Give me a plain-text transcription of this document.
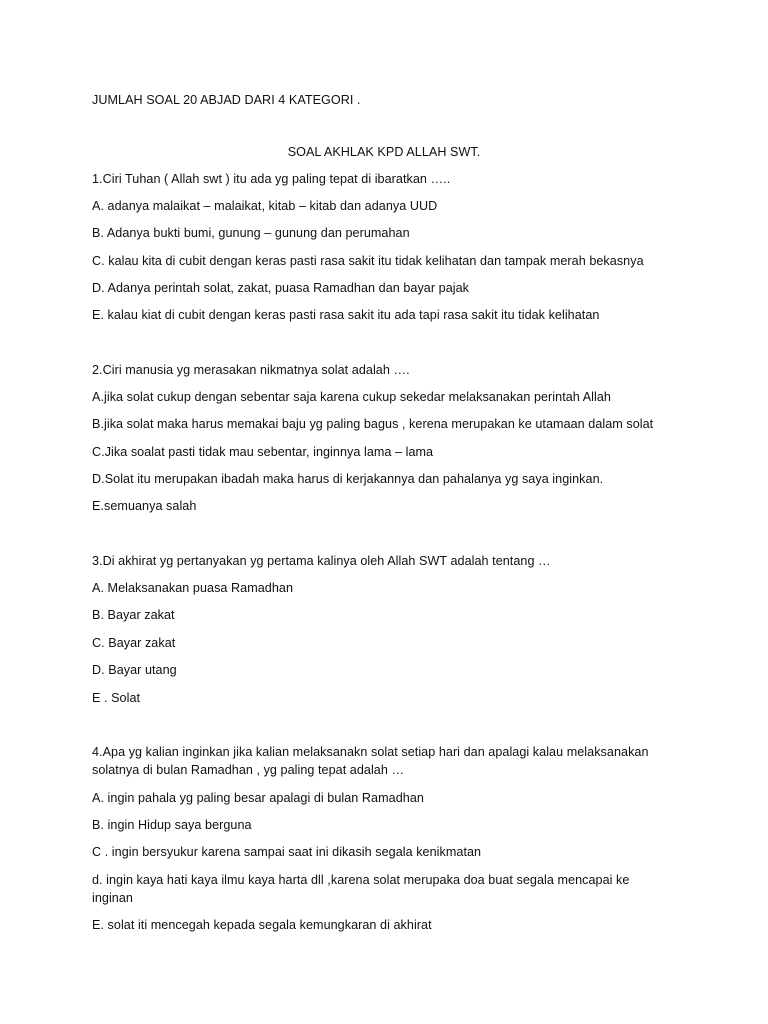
JUMLAH SOAL 20 ABJAD DARI 4 KATEGORI .
SOAL AKHLAK KPD ALLAH SWT.
1.Ciri Tuhan ( Allah swt ) itu ada yg paling tepat di ibaratkan …..
A. adanya malaikat – malaikat, kitab – kitab dan adanya UUD
B. Adanya bukti bumi, gunung – gunung dan perumahan
C. kalau kita di cubit dengan keras pasti rasa sakit itu tidak kelihatan dan tampak merah bekasnya
D. Adanya perintah solat, zakat, puasa Ramadhan dan bayar pajak
E. kalau kiat di cubit dengan keras pasti rasa sakit itu ada tapi rasa sakit itu tidak kelihatan
2.Ciri manusia yg merasakan nikmatnya solat adalah ….
A.jika solat cukup dengan sebentar saja karena cukup sekedar melaksanakan perintah Allah
B.jika solat maka harus memakai baju yg paling bagus , kerena merupakan ke utamaan dalam solat
C.Jika soalat pasti tidak mau sebentar, inginnya lama – lama
D.Solat itu merupakan ibadah maka harus di kerjakannya dan pahalanya yg saya inginkan.
E.semuanya salah
3.Di akhirat yg pertanyakan yg pertama kalinya oleh Allah SWT adalah tentang …
A. Melaksanakan puasa Ramadhan
B. Bayar zakat
C. Bayar zakat
D. Bayar utang
E . Solat
4.Apa yg kalian inginkan jika kalian melaksanakn solat setiap hari dan apalagi kalau melaksanakan solatnya di bulan Ramadhan , yg paling tepat adalah …
A. ingin pahala yg paling besar apalagi di bulan Ramadhan
B. ingin Hidup saya berguna
C . ingin bersyukur karena sampai saat ini dikasih segala kenikmatan
d. ingin kaya hati kaya ilmu kaya harta dll ,karena solat merupaka doa buat segala mencapai ke inginan
E. solat iti mencegah kepada segala kemungkaran di akhirat
